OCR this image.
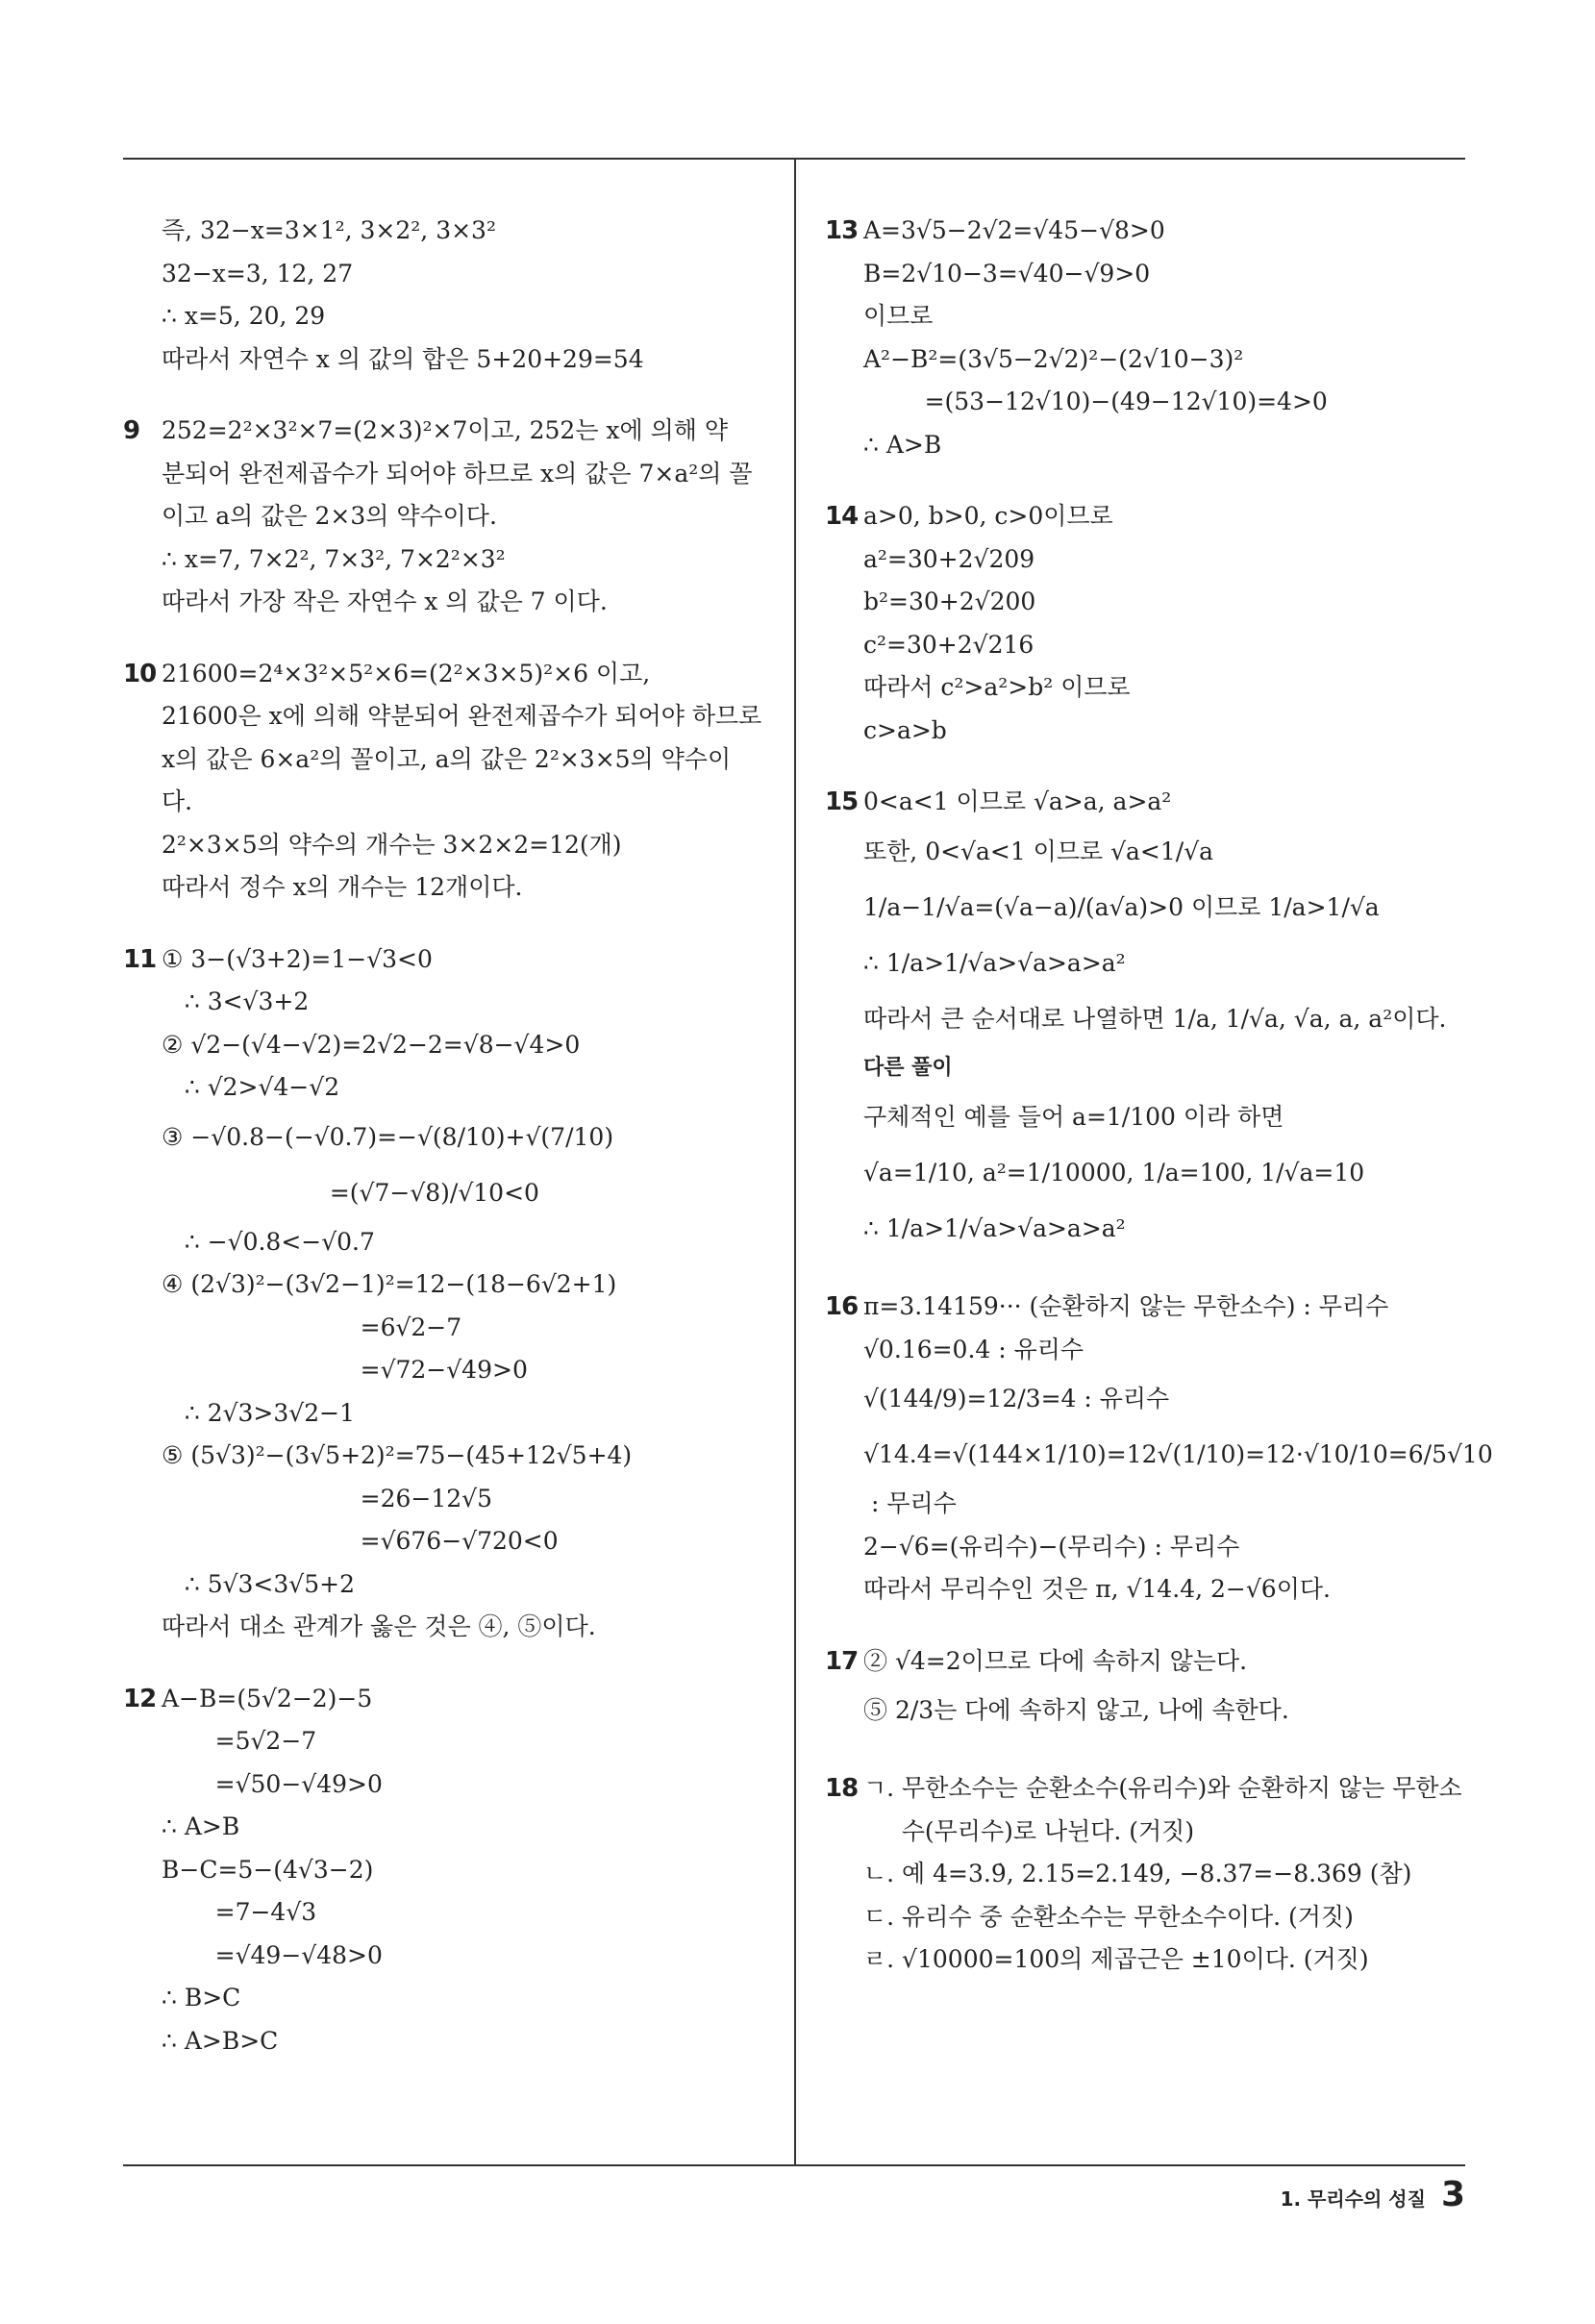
즉, 32−x=3×1², 3×2², 3×3²
32−x=3, 12, 27
∴ x=5, 20, 29
따라서 자연수 x 의 값의 합은 5+20+29=54
9 252=2²×3²×7=(2×3)²×7이고, 252는 x에 의해 약
분되어 완전제곱수가 되어야 하므로 x의 값은 7×a²의 꼴
이고 a의 값은 2×3의 약수이다.
∴ x=7, 7×2², 7×3², 7×2²×3²
따라서 가장 작은 자연수 x 의 값은 7 이다.
10 21600=2⁴×3²×5²×6=(2²×3×5)²×6 이고,
21600은 x에 의해 약분되어 완전제곱수가 되어야 하므로
x의 값은 6×a²의 꼴이고, a의 값은 2²×3×5의 약수이
다.
2²×3×5의 약수의 개수는 3×2×2=12(개)
따라서 정수 x의 개수는 12개이다.
11 ① 3−(√3+2)=1−√3<0
∴ 3<√3+2
② √2−(√4−√2)=2√2−2=√8−√4>0
∴ √2>√4−√2
③ −√0.8−(−√0.7)=−√(8/10)+√(7/10)
=(√7−√8)/√10<0
∴ −√0.8<−√0.7
④ (2√3)²−(3√2−1)²=12−(18−6√2+1)
=6√2−7
=√72−√49>0
∴ 2√3>3√2−1
⑤ (5√3)²−(3√5+2)²=75−(45+12√5+4)
=26−12√5
=√676−√720<0
∴ 5√3<3√5+2
따라서 대소 관계가 옳은 것은 ④, ⑤이다.
12 A−B=(5√2−2)−5
=5√2−7
=√50−√49>0
∴ A>B
B−C=5−(4√3−2)
=7−4√3
=√49−√48>0
∴ B>C
∴ A>B>C
13 A=3√5−2√2=√45−√8>0
B=2√10−3=√40−√9>0
이므로
A²−B²=(3√5−2√2)²−(2√10−3)²
=(53−12√10)−(49−12√10)=4>0
∴ A>B
14 a>0, b>0, c>0이므로
a²=30+2√209
b²=30+2√200
c²=30+2√216
따라서 c²>a²>b² 이므로
c>a>b
15 0<a<1 이므로 √a>a, a>a²
또한, 0<√a<1 이므로 √a<1/√a
1/a−1/√a=(√a−a)/(a√a)>0 이므로 1/a>1/√a
∴ 1/a>1/√a>√a>a>a²
따라서 큰 순서대로 나열하면 1/a, 1/√a, √a, a, a²이다.
다른 풀이
구체적인 예를 들어 a=1/100 이라 하면
√a=1/10, a²=1/10000, 1/a=100, 1/√a=10
∴ 1/a>1/√a>√a>a>a²
16 π=3.14159··· (순환하지 않는 무한소수) : 무리수
√0.16=0.4 : 유리수
√(144/9)=12/3=4 : 유리수
√14.4=√(144×1/10)=12√(1/10)=12·√10/10=6/5√10
: 무리수
2−√6=(유리수)−(무리수) : 무리수
따라서 무리수인 것은 π, √14.4, 2−√6이다.
17 ② √4=2이므로 다에 속하지 않는다.
⑤ 2/3는 다에 속하지 않고, 나에 속한다.
18 ㄱ. 무한소수는 순환소수(유리수)와 순환하지 않는 무한소
수(무리수)로 나뉜다. (거짓)
ㄴ. 예 4=3.9̇, 2.15=2.149̇, −8.37=−8.369̇ (참)
ㄷ. 유리수 중 순환소수는 무한소수이다. (거짓)
ㄹ. √10000=100의 제곱근은 ±10이다. (거짓)
1. 무리수의 성질 3
